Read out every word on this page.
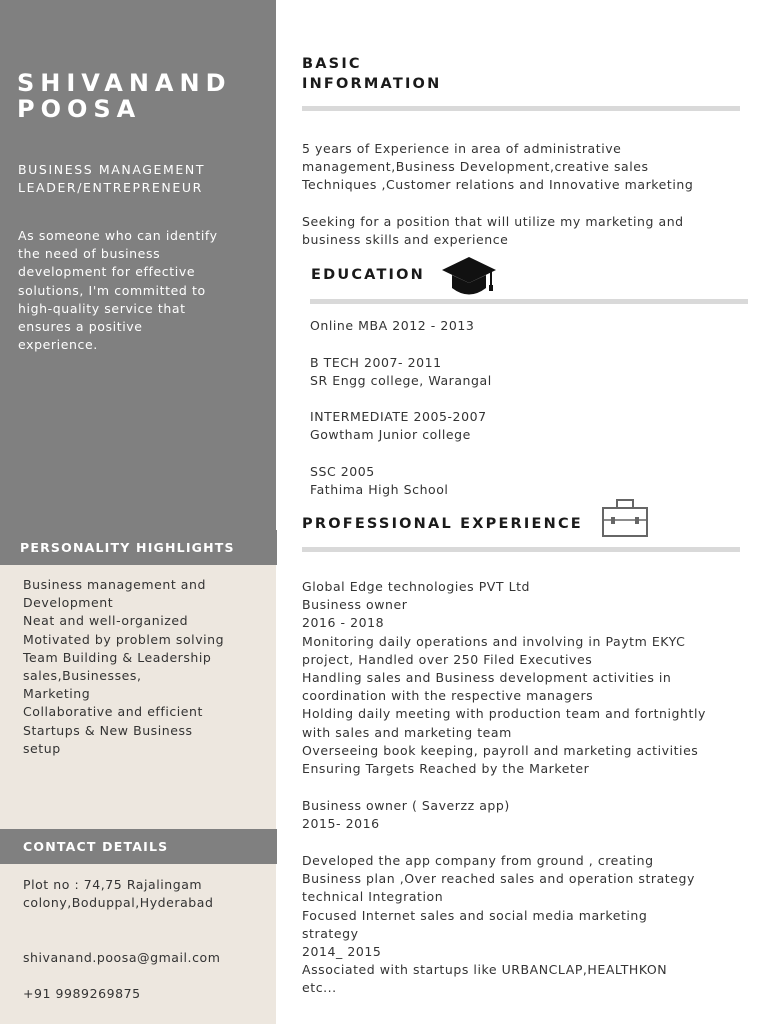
SHIVANAND
POOSA
BUSINESS MANAGEMENT
LEADER/ENTREPRENEUR
As someone who can identify
the need of business
development for effective
solutions, I'm committed to
high-quality service that
ensures a positive
experience.
PERSONALITY HIGHLIGHTS
Business management and
Development
Neat and well-organized
Motivated by problem solving
Team Building & Leadership
sales,Businesses,
Marketing
Collaborative and efficient
Startups & New Business
setup
CONTACT DETAILS
Plot no : 74,75 Rajalingam
colony,Boduppal,Hyderabad
shivanand.poosa@gmail.com
+91 9989269875
BASIC
INFORMATION
5 years of Experience in area of administrative
management,Business Development,creative sales
Techniques ,Customer relations and Innovative marketing
Seeking for a position that will utilize my marketing and
business skills and experience
EDUCATION
Online MBA 2012 - 2013
B TECH 2007- 2011
SR Engg college, Warangal
INTERMEDIATE 2005-2007
Gowtham Junior college
SSC 2005
Fathima High School
PROFESSIONAL EXPERIENCE
Global Edge technologies PVT Ltd
Business owner
2016 - 2018
Monitoring daily operations and involving in Paytm EKYC
project, Handled over 250 Filed Executives
Handling sales and Business development activities in
coordination with the respective managers
Holding daily meeting with production team and fortnightly
with sales and marketing team
Overseeing book keeping, payroll and marketing activities
Ensuring Targets Reached by the Marketer
Business owner ( Saverzz app)
2015- 2016
Developed the app company from ground , creating
Business plan ,Over reached sales and operation strategy
technical Integration
Focused Internet sales and social media marketing
strategy
2014_ 2015
Associated with startups like URBANCLAP,HEALTHKON
etc...
